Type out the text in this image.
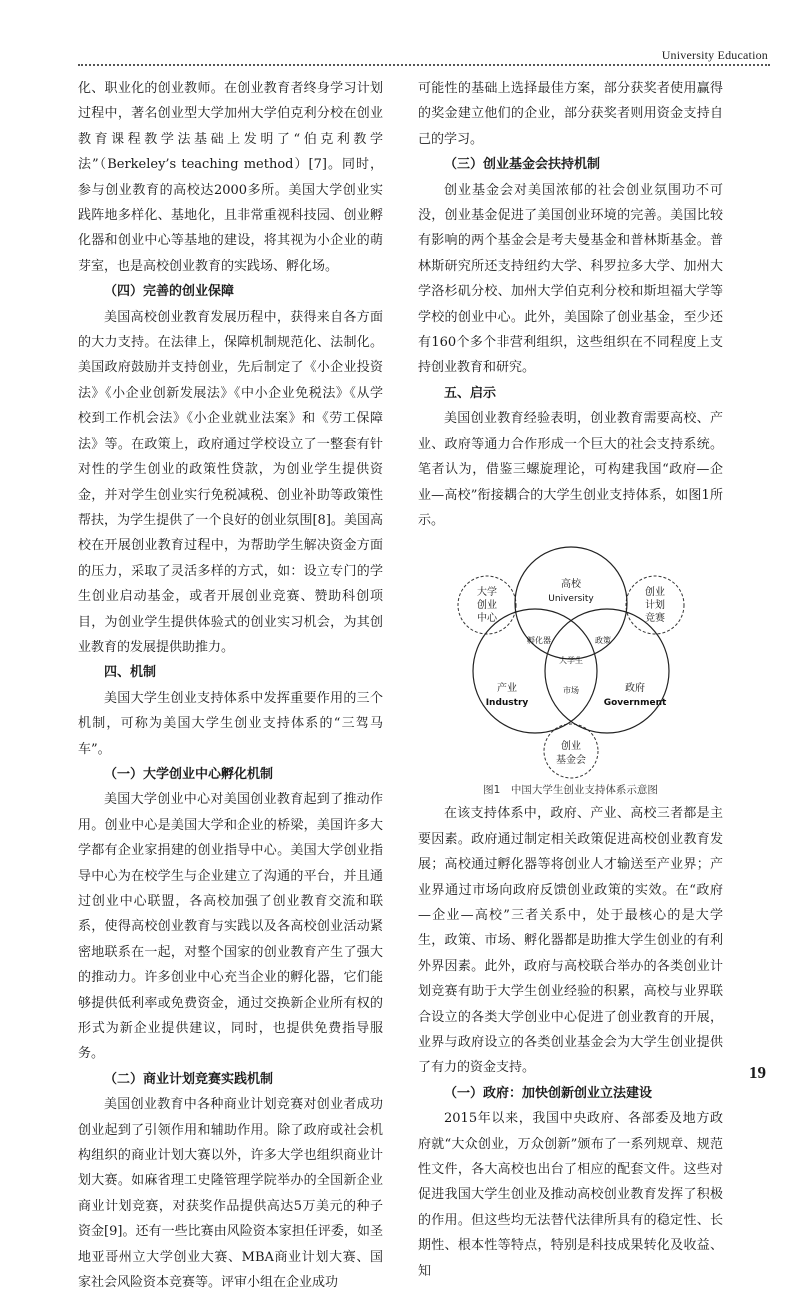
University Education

化、职业化的创业教师。在创业教育者终身学习计划过程中，著名创业型大学加州大学伯克利分校在创业教育课程教学法基础上发明了“伯克利教学法”（Berkeley’s teaching method）[7]。同时，参与创业教育的高校达2000多所。美国大学创业实践阵地多样化、基地化，且非常重视科技园、创业孵化器和创业中心等基地的建设，将其视为小企业的萌芽室，也是高校创业教育的实践场、孵化场。

（四）完善的创业保障

美国高校创业教育发展历程中，获得来自各方面的大力支持。在法律上，保障机制规范化、法制化。美国政府鼓励并支持创业，先后制定了《小企业投资法》《小企业创新发展法》《中小企业免税法》《从学校到工作机会法》《小企业就业法案》和《劳工保障法》等。在政策上，政府通过学校设立了一整套有针对性的学生创业的政策性贷款，为创业学生提供资金，并对学生创业实行免税减税、创业补助等政策性帮扶，为学生提供了一个良好的创业氛围[8]。美国高校在开展创业教育过程中，为帮助学生解决资金方面的压力，采取了灵活多样的方式，如：设立专门的学生创业启动基金，或者开展创业竞赛、赞助科创项目，为创业学生提供体验式的创业实习机会，为其创业教育的发展提供助推力。

四、机制

美国大学生创业支持体系中发挥重要作用的三个机制，可称为美国大学生创业支持体系的“三驾马车”。

（一）大学创业中心孵化机制

美国大学创业中心对美国创业教育起到了推动作用。创业中心是美国大学和企业的桥梁，美国许多大学都有企业家捐建的创业指导中心。美国大学创业指导中心为在校学生与企业建立了沟通的平台，并且通过创业中心联盟，各高校加强了创业教育交流和联系，使得高校创业教育与实践以及各高校创业活动紧密地联系在一起，对整个国家的创业教育产生了强大的推动力。许多创业中心充当企业的孵化器，它们能够提供低利率或免费资金，通过交换新企业所有权的形式为新企业提供建议，同时，也提供免费指导服务。

（二）商业计划竞赛实践机制

美国创业教育中各种商业计划竞赛对创业者成功创业起到了引领作用和辅助作用。除了政府或社会机构组织的商业计划大赛以外，许多大学也组织商业计划大赛。如麻省理工史隆管理学院举办的全国新企业商业计划竞赛，对获奖作品提供高达5万美元的种子资金[9]。还有一些比赛由风险资本家担任评委，如圣地亚哥州立大学创业大赛、MBA商业计划大赛、国家社会风险资本竞赛等。评审小组在企业成功

可能性的基础上选择最佳方案，部分获奖者使用赢得的奖金建立他们的企业，部分获奖者则用资金支持自己的学习。

（三）创业基金会扶持机制

创业基金会对美国浓郁的社会创业氛围功不可没，创业基金促进了美国创业环境的完善。美国比较有影响的两个基金会是考夫曼基金和普林斯基金。普林斯研究所还支持纽约大学、科罗拉多大学、加州大学洛杉矶分校、加州大学伯克利分校和斯坦福大学等学校的创业中心。此外，美国除了创业基金，至少还有160个多个非营利组织，这些组织在不同程度上支持创业教育和研究。

五、启示

美国创业教育经验表明，创业教育需要高校、产业、政府等通力合作形成一个巨大的社会支持系统。笔者认为，借鉴三螺旋理论，可构建我国“政府—企业—高校”衔接耦合的大学生创业支持体系，如图1所示。

高校
University
产业
Industry
政府
Government
孵化器	政策
市场
大学生
大学
创业
中心
创业
计划
竞赛
创业
基金会
图1　中国大学生创业支持体系示意图

在该支持体系中，政府、产业、高校三者都是主要因素。政府通过制定相关政策促进高校创业教育发展；高校通过孵化器等将创业人才输送至产业界；产业界通过市场向政府反馈创业政策的实效。在“政府—企业—高校”三者关系中，处于最核心的是大学生，政策、市场、孵化器都是助推大学生创业的有利外界因素。此外，政府与高校联合举办的各类创业计划竞赛有助于大学生创业经验的积累，高校与业界联合设立的各类大学创业中心促进了创业教育的开展，业界与政府设立的各类创业基金会为大学生创业提供了有力的资金支持。

（一）政府：加快创新创业立法建设

2015年以来，我国中央政府、各部委及地方政府就“大众创业，万众创新”颁布了一系列规章、规范性文件，各大高校也出台了相应的配套文件。这些对促进我国大学生创业及推动高校创业教育发挥了积极的作用。但这些均无法替代法律所具有的稳定性、长期性、根本性等特点，特别是科技成果转化及收益、知

19
